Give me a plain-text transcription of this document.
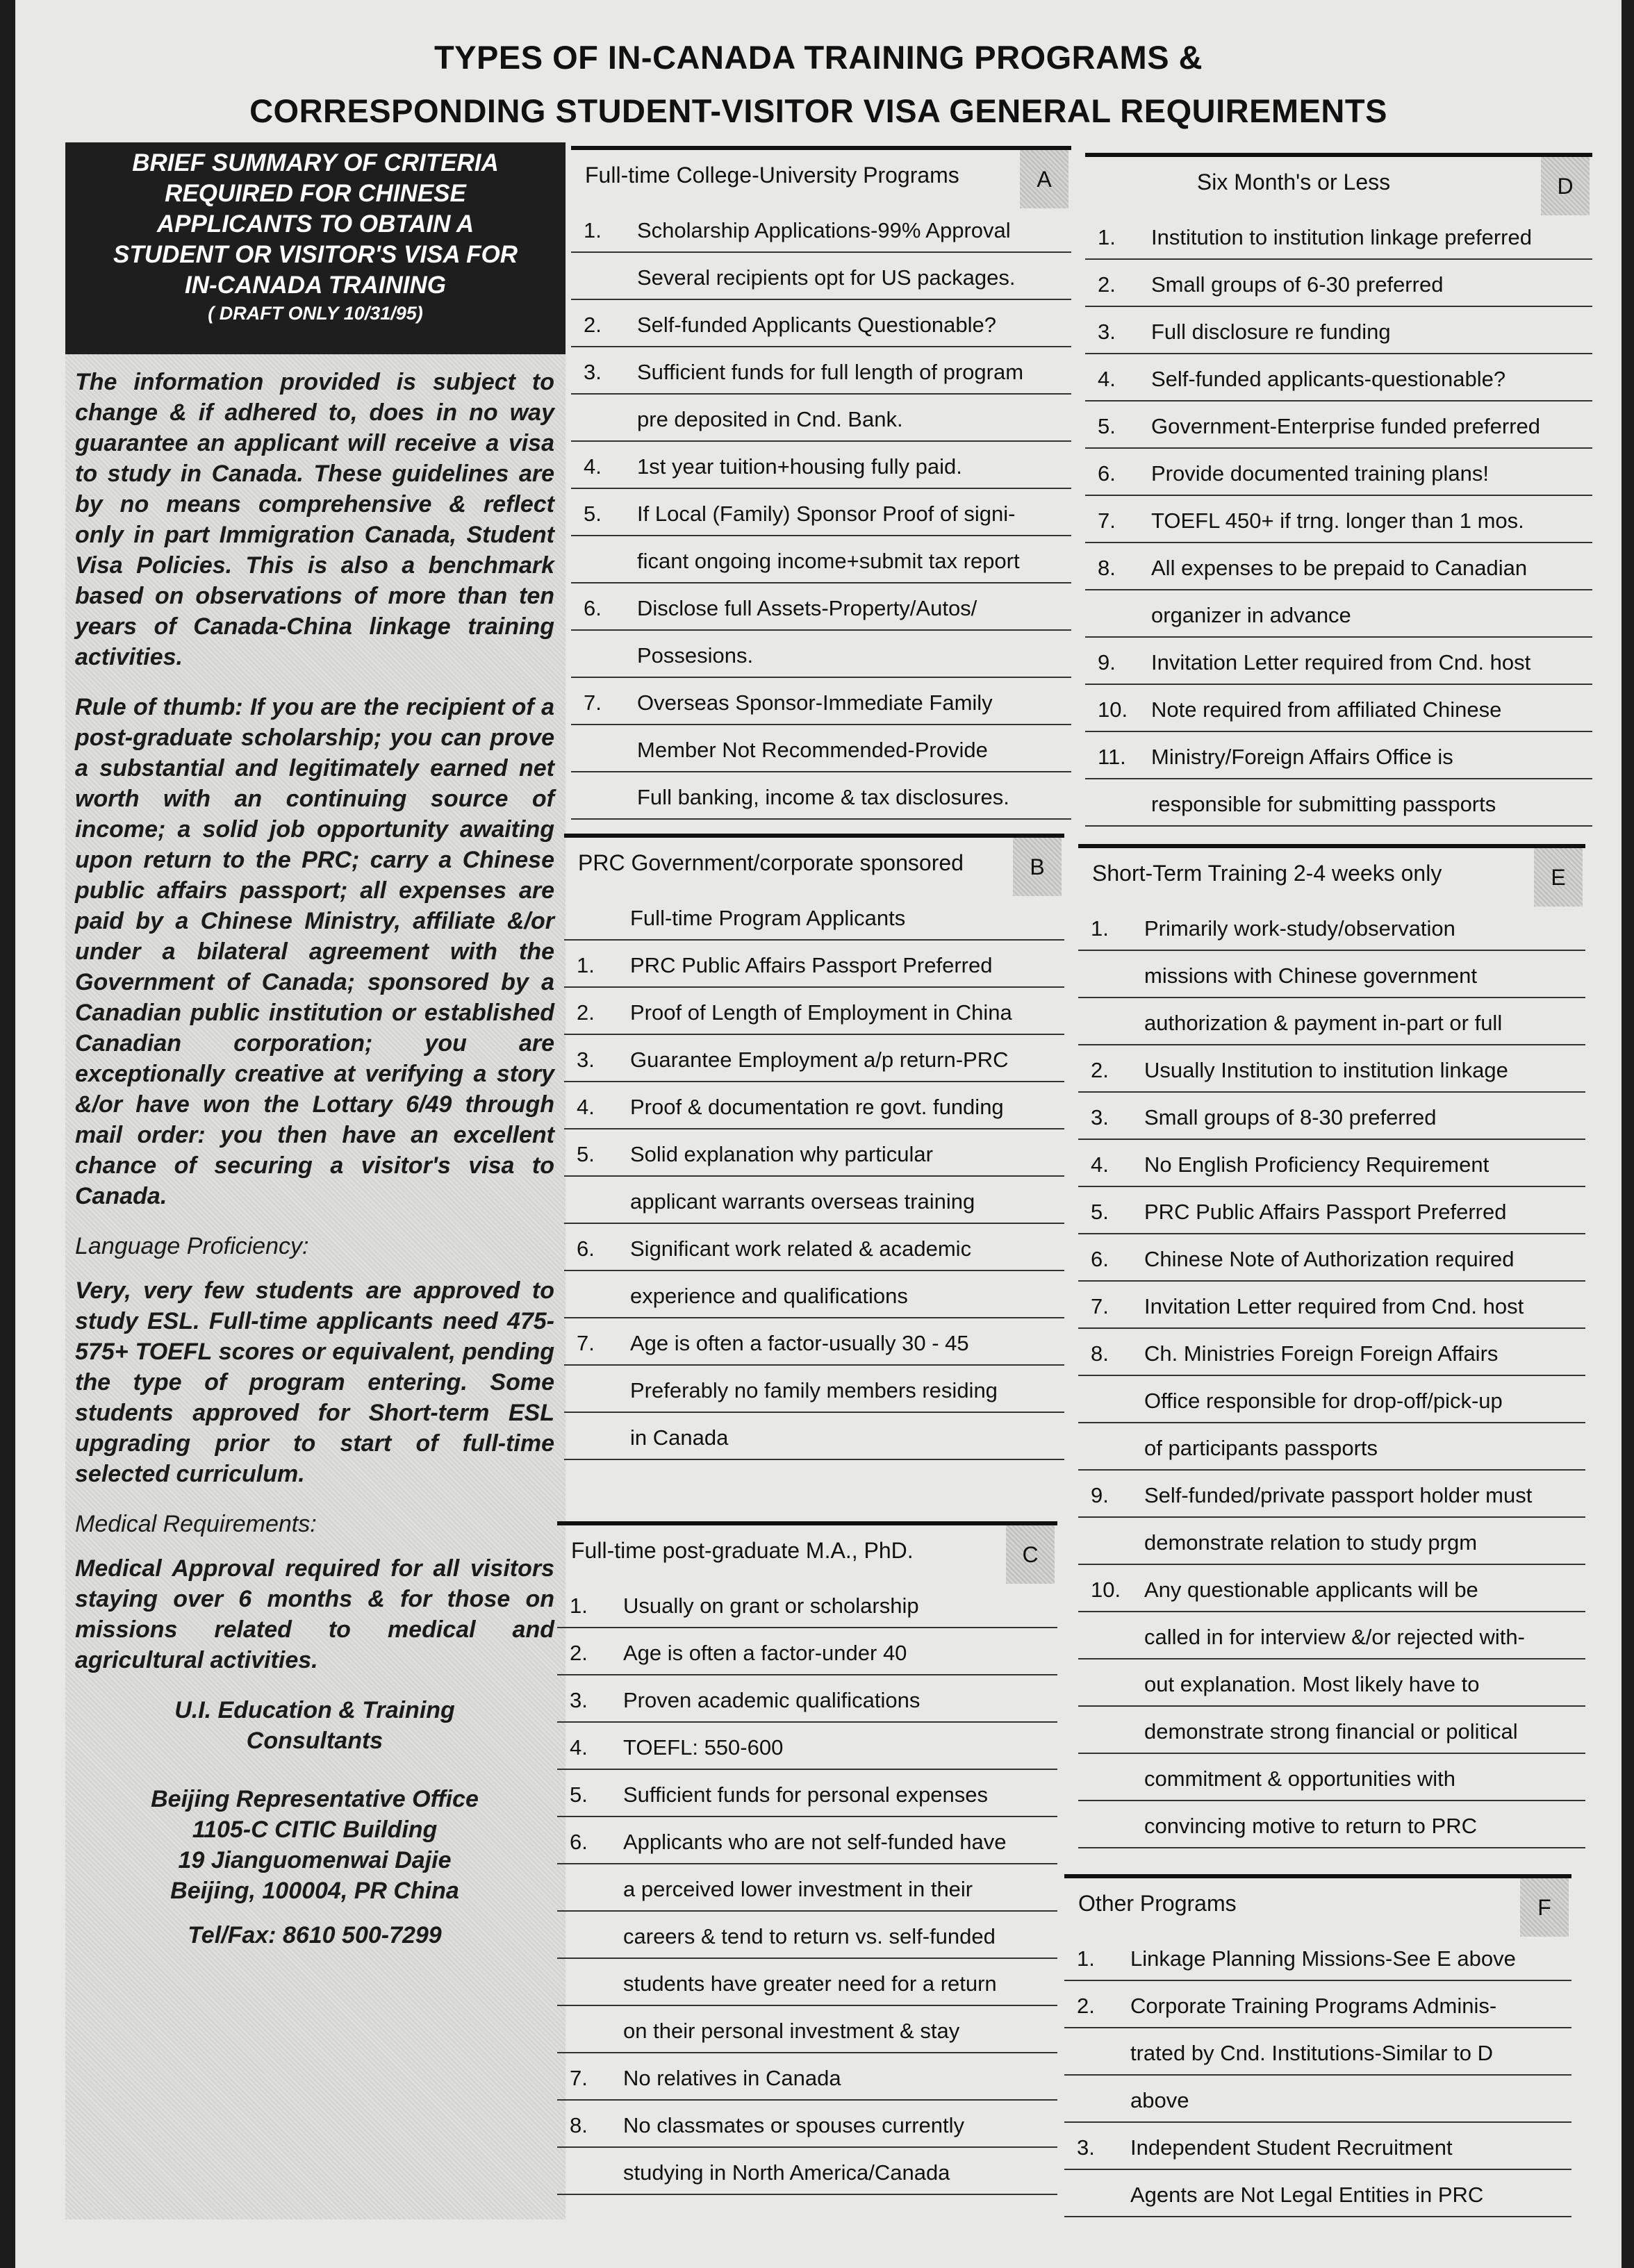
TYPES OF IN-CANADA TRAINING PROGRAMS &
CORRESPONDING STUDENT-VISITOR VISA GENERAL REQUIREMENTS
BRIEF SUMMARY OF CRITERIA
REQUIRED FOR CHINESE
APPLICANTS TO OBTAIN A
STUDENT OR VISITOR'S VISA FOR
IN-CANADA TRAINING
( DRAFT ONLY 10/31/95)

The information provided is subject to change & if adhered to, does in no way guarantee an applicant will receive a visa to study in Canada. These guidelines are by no means comprehensive & reflect only in part Immigration Canada, Student Visa Policies. This is also a benchmark based on observations of more than ten years of Canada-China linkage training activities.

Rule of thumb: If you are the recipient of a post-graduate scholarship; you can prove a substantial and legitimately earned net worth with an continuing source of income; a solid job opportunity awaiting upon return to the PRC; carry a Chinese public affairs passport; all expenses are paid by a Chinese Ministry, affiliate &/or under a bilateral agreement with the Government of Canada; sponsored by a Canadian public institution or established Canadian corporation; you are exceptionally creative at verifying a story &/or have won the Lottary 6/49 through mail order: you then have an excellent chance of securing a visitor's visa to Canada.

Language Proficiency:

Very, very few students are approved to study ESL. Full-time applicants need 475-575+ TOEFL scores or equivalent, pending the type of program entering. Some students approved for Short-term ESL upgrading prior to start of full-time selected curriculum.

Medical Requirements:

Medical Approval required for all visitors staying over 6 months & for those on missions related to medical and agricultural activities.

U.I. Education & Training
Consultants
Beijing Representative Office
1105-C CITIC Building
19 Jianguomenwai Dajie
Beijing, 100004, PR China
Tel/Fax: 8610 500-7299
Full-time College-University Programs	A
1.	Scholarship Applications-99% Approval
Several recipients opt for US packages.
2.	Self-funded Applicants Questionable?
3.	Sufficient funds for full length of program
pre deposited in Cnd. Bank.
4.	1st year tuition+housing fully paid.
5.	If Local (Family) Sponsor Proof of signi-
ficant ongoing income+submit tax report
6.	Disclose full Assets-Property/Autos/
Possesions.
7.	Overseas Sponsor-Immediate Family
Member Not Recommended-Provide
Full banking, income & tax disclosures.
PRC Government/corporate sponsored	B
Full-time Program Applicants
1.	PRC Public Affairs Passport Preferred
2.	Proof of Length of Employment in China
3.	Guarantee Employment a/p return-PRC
4.	Proof & documentation re govt. funding
5.	Solid explanation why particular
applicant warrants overseas training
6.	Significant work related & academic
experience and qualifications
7.	Age is often a factor-usually 30 - 45
Preferably no family members residing
in Canada
Full-time post-graduate M.A., PhD.	C
1.	Usually on grant or scholarship
2.	Age is often a factor-under 40
3.	Proven academic qualifications
4.	TOEFL: 550-600
5.	Sufficient funds for personal expenses
6.	Applicants who are not self-funded have
a perceived lower investment in their
careers & tend to return vs. self-funded
students have greater need for a return
on their personal investment & stay
7.	No relatives in Canada
8.	No classmates or spouses currently
studying in North America/Canada
Six Month's or Less	D
1.	Institution to institution linkage preferred
2.	Small groups of 6-30 preferred
3.	Full disclosure re funding
4.	Self-funded applicants-questionable?
5.	Government-Enterprise funded preferred
6.	Provide documented training plans!
7.	TOEFL 450+ if trng. longer than 1 mos.
8.	All expenses to be prepaid to Canadian
organizer in advance
9.	Invitation Letter required from Cnd. host
10. Note required from affiliated Chinese
11. Ministry/Foreign Affairs Office is
responsible for submitting passports
Short-Term Training 2-4 weeks only	E
1.	Primarily work-study/observation
missions with Chinese government
authorization & payment in-part or full
2.	Usually Institution to institution linkage
3.	Small groups of 8-30 preferred
4.	No English Proficiency Requirement
5.	PRC Public Affairs Passport Preferred
6.	Chinese Note of Authorization required
7.	Invitation Letter required from Cnd. host
8.	Ch. Ministries Foreign Foreign Affairs
Office responsible for drop-off/pick-up
of participants passports
9.	Self-funded/private passport holder must
demonstrate relation to study prgm
10. Any questionable applicants will be
called in for interview &/or rejected with-
out explanation. Most likely have to
demonstrate strong financial or political
commitment & opportunities with
convincing motive to return to PRC
Other Programs	F
1.	Linkage Planning Missions-See E above
2.	Corporate Training Programs Adminis-
trated by Cnd. Institutions-Similar to D
above
3.	Independent Student Recruitment
Agents are Not Legal Entities in PRC
